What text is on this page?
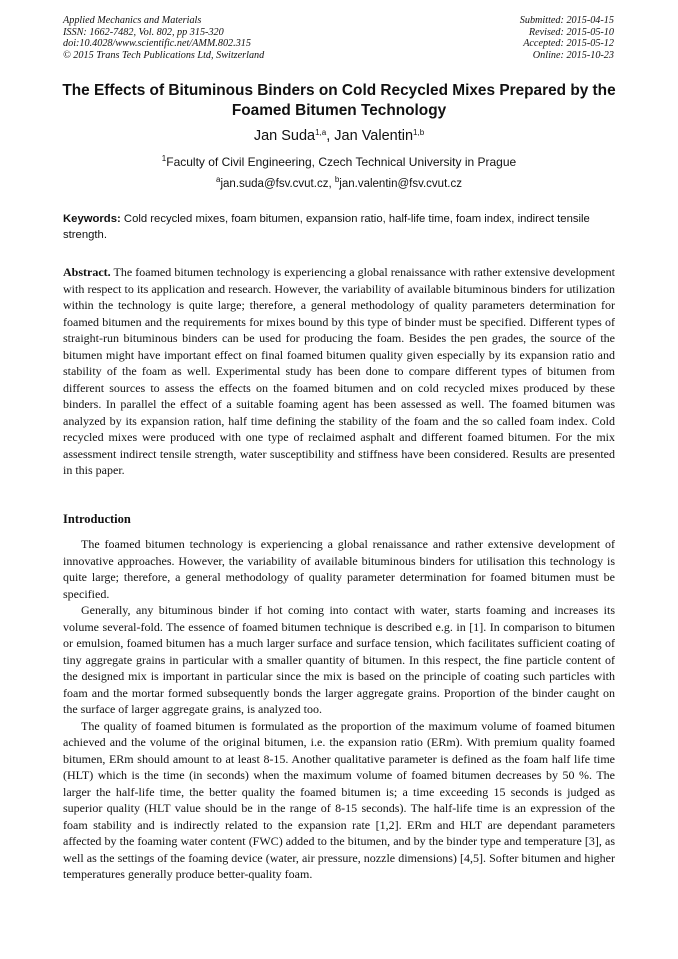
Applied Mechanics and Materials
ISSN: 1662-7482, Vol. 802, pp 315-320
doi:10.4028/www.scientific.net/AMM.802.315
© 2015 Trans Tech Publications Ltd, Switzerland
Submitted: 2015-04-15
Revised: 2015-05-10
Accepted: 2015-05-12
Online: 2015-10-23
The Effects of Bituminous Binders on Cold Recycled Mixes Prepared by the Foamed Bitumen Technology
Jan Suda$^{1,a}$, Jan Valentin$^{1,b}$
$^1$Faculty of Civil Engineering, Czech Technical University in Prague
$^a$jan.suda@fsv.cvut.cz, $^b$jan.valentin@fsv.cvut.cz
Keywords: Cold recycled mixes, foam bitumen, expansion ratio, half-life time, foam index, indirect tensile strength.
Abstract. The foamed bitumen technology is experiencing a global renaissance with rather extensive development with respect to its application and research. However, the variability of available bituminous binders for utilization within the technology is quite large; therefore, a general methodology of quality parameters determination for foamed bitumen and the requirements for mixes bound by this type of binder must be specified. Different types of straight-run bituminous binders can be used for producing the foam. Besides the pen grades, the source of the bitumen might have important effect on final foamed bitumen quality given especially by its expansion ratio and stability of the foam as well. Experimental study has been done to compare different types of bitumen from different sources to assess the effects on the foamed bitumen and on cold recycled mixes produced by these binders. In parallel the effect of a suitable foaming agent has been assessed as well. The foamed bitumen was analyzed by its expansion ration, half time defining the stability of the foam and the so called foam index. Cold recycled mixes were produced with one type of reclaimed asphalt and different foamed bitumen. For the mix assessment indirect tensile strength, water susceptibility and stiffness have been considered. Results are presented in this paper.
Introduction

The foamed bitumen technology is experiencing a global renaissance and rather extensive development of innovative approaches. However, the variability of available bituminous binders for utilisation this technology is quite large; therefore, a general methodology of quality parameter determination for foamed bitumen must be specified.

Generally, any bituminous binder if hot coming into contact with water, starts foaming and increases its volume several-fold. The essence of foamed bitumen technique is described e.g. in [1]. In comparison to bitumen or emulsion, foamed bitumen has a much larger surface and surface tension, which facilitates sufficient coating of tiny aggregate grains in particular with a smaller quantity of bitumen. In this respect, the fine particle content of the designed mix is important in particular since the mix is based on the principle of coating such particles with foam and the mortar formed subsequently bonds the larger aggregate grains. Proportion of the binder caught on the surface of larger aggregate grains, is analyzed too.

The quality of foamed bitumen is formulated as the proportion of the maximum volume of foamed bitumen achieved and the volume of the original bitumen, i.e. the expansion ratio (ERm). With premium quality foamed bitumen, ERm should amount to at least 8-15. Another qualitative parameter is defined as the foam half life time (HLT) which is the time (in seconds) when the maximum volume of foamed bitumen decreases by 50 %. The larger the half-life time, the better quality the foamed bitumen is; a time exceeding 15 seconds is judged as superior quality (HLT value should be in the range of 8-15 seconds). The half-life time is an expression of the foam stability and is indirectly related to the expansion rate [1,2]. ERm and HLT are dependant parameters affected by the foaming water content (FWC) added to the bitumen, and by the binder type and temperature [3], as well as the settings of the foaming device (water, air pressure, nozzle dimensions) [4,5]. Softer bitumen and higher temperatures generally produce better-quality foam.
